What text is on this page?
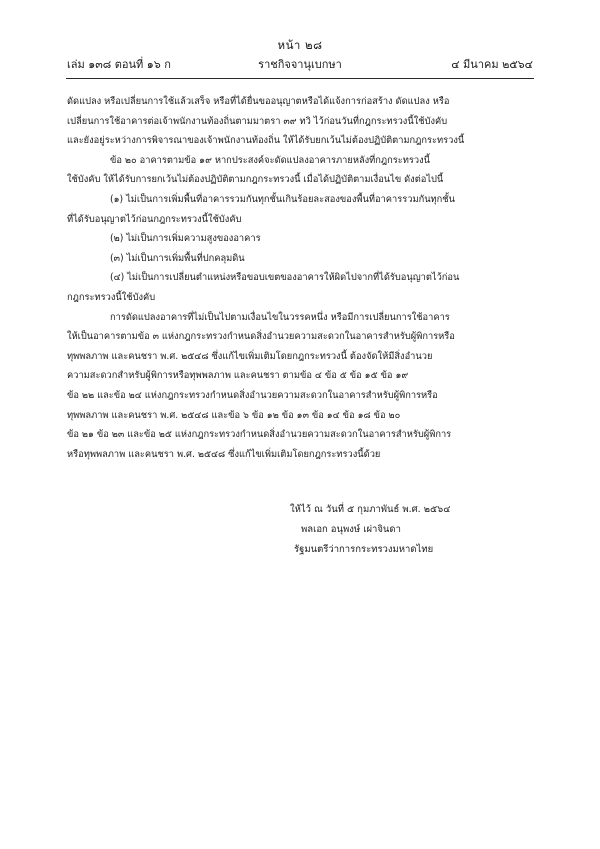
หน้า ๒๘
เล่ม ๑๓๘ ตอนที่ ๑๖ ก	ราชกิจจานุเบกษา	๔ มีนาคม ๒๕๖๔

ดัดแปลง หรือเปลี่ยนการใช้แล้วเสร็จ หรือที่ได้ยื่นขออนุญาตหรือได้แจ้งการก่อสร้าง ดัดแปลง หรือ

เปลี่ยนการใช้อาคารต่อเจ้าพนักงานท้องถิ่นตามมาตรา ๓๙ ทวิ ไว้ก่อนวันที่กฎกระทรวงนี้ใช้บังคับ

และยังอยู่ระหว่างการพิจารณาของเจ้าพนักงานท้องถิ่น ให้ได้รับยกเว้นไม่ต้องปฏิบัติตามกฎกระทรวงนี้

ข้อ ๒๐ อาคารตามข้อ ๑๙ หากประสงค์จะดัดแปลงอาคารภายหลังที่กฎกระทรวงนี้

ใช้บังคับ ให้ได้รับการยกเว้นไม่ต้องปฏิบัติตามกฎกระทรวงนี้ เมื่อได้ปฏิบัติตามเงื่อนไข ดังต่อไปนี้

(๑) ไม่เป็นการเพิ่มพื้นที่อาคารรวมกันทุกชั้นเกินร้อยละสองของพื้นที่อาคารรวมกันทุกชั้น

ที่ได้รับอนุญาตไว้ก่อนกฎกระทรวงนี้ใช้บังคับ

(๒) ไม่เป็นการเพิ่มความสูงของอาคาร

(๓) ไม่เป็นการเพิ่มพื้นที่ปกคลุมดิน

(๔) ไม่เป็นการเปลี่ยนตำแหน่งหรือขอบเขตของอาคารให้ผิดไปจากที่ได้รับอนุญาตไว้ก่อน

กฎกระทรวงนี้ใช้บังคับ

การดัดแปลงอาคารที่ไม่เป็นไปตามเงื่อนไขในวรรคหนึ่ง หรือมีการเปลี่ยนการใช้อาคาร

ให้เป็นอาคารตามข้อ ๓ แห่งกฎกระทรวงกำหนดสิ่งอำนวยความสะดวกในอาคารสำหรับผู้พิการหรือ

ทุพพลภาพ และคนชรา พ.ศ. ๒๕๔๘ ซึ่งแก้ไขเพิ่มเติมโดยกฎกระทรวงนี้ ต้องจัดให้มีสิ่งอำนวย

ความสะดวกสำหรับผู้พิการหรือทุพพลภาพ และคนชรา ตามข้อ ๔ ข้อ ๕ ข้อ ๑๕ ข้อ ๑๙

ข้อ ๒๒ และข้อ ๒๔ แห่งกฎกระทรวงกำหนดสิ่งอำนวยความสะดวกในอาคารสำหรับผู้พิการหรือ

ทุพพลภาพ และคนชรา พ.ศ. ๒๕๔๘ และข้อ ๖ ข้อ ๑๒ ข้อ ๑๓ ข้อ ๑๔ ข้อ ๑๘ ข้อ ๒๐

ข้อ ๒๑ ข้อ ๒๓ และข้อ ๒๕ แห่งกฎกระทรวงกำหนดสิ่งอำนวยความสะดวกในอาคารสำหรับผู้พิการ

หรือทุพพลภาพ และคนชรา พ.ศ. ๒๕๔๘ ซึ่งแก้ไขเพิ่มเติมโดยกฎกระทรวงนี้ด้วย

ให้ไว้ ณ วันที่ ๕ กุมภาพันธ์ พ.ศ. ๒๕๖๔
พลเอก อนุพงษ์ เผ่าจินดา
รัฐมนตรีว่าการกระทรวงมหาดไทย
